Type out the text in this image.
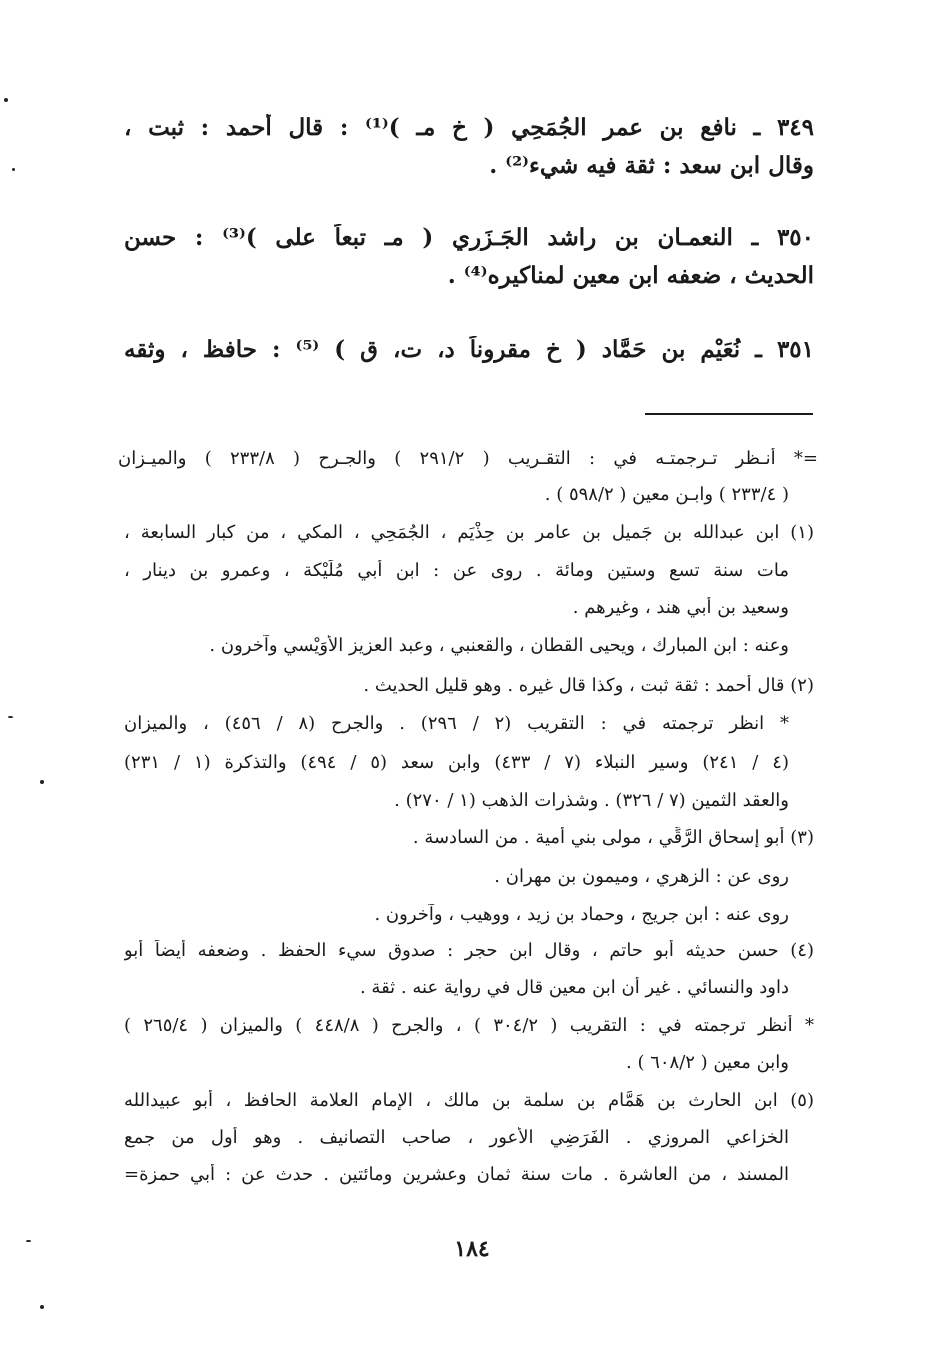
٣٤٩ ـ نافع بن عمر الجُمَحِي ( خ مـ )⁽¹⁾ : قال أحمد : ثبت ،
وقال ابن سعد : ثقة فيه شيء⁽²⁾ .
٣٥٠ ـ النعمـان بن راشد الجَـزَرِي ( مـ تبعاً على )⁽³⁾ : حسن
الحديث ، ضعفه ابن معين لمناكيره⁽⁴⁾ .
٣٥١ ـ نُعَيْم بن حَمَّاد ( خ مقروناً د، ت، ق ) ⁽⁵⁾ : حافظ ، وثقه
=* أنـظر تـرجمتـه في : التقـريب ( ٢٩١/٢ ) والجـرح ( ٢٣٣/٨ ) والميـزان
( ٢٣٣/٤ ) وابـن معين ( ٥٩٨/٢ ) .
(١) ابن عبدالله بن جَميل بن عامر بن حِذْيَم ، الجُمَحِي ، المكي ، من كبار السابعة ،
مات سنة تسع وستين ومائة . روى عن : ابن أبي مُلَيْكة ، وعمرو بن دينار ،
وسعيد بن أبي هند ، وغيرهم .
وعنه : ابن المبارك ، ويحيى القطان ، والقعنبي ، وعبد العزيز الأُوَيْسي وآخرون .
(٢) قال أحمد : ثقة ثبت ، وكذا قال غيره . وهو قليل الحديث .
* انظر ترجمته في : التقريب (٢ / ٢٩٦) . والجرح (٨ / ٤٥٦) ، والميزان
(٤ / ٢٤١) وسير النبلاء (٧ / ٤٣٣) وابن سعد (٥ / ٤٩٤) والتذكرة (١ / ٢٣١)
والعقد الثمين (٧ / ٣٢٦) . وشذرات الذهب (١ / ٢٧٠) .
(٣) أبو إسحاق الرَّقِّي ، مولى بني أمية . من السادسة .
روى عن : الزهري ، وميمون بن مهران .
روى عنه : ابن جريج ، وحماد بن زيد ، ووهيب ، وآخرون .
(٤) حسن حديثه أبو حاتم ، وقال ابن حجر : صدوق سيء الحفظ . وضعفه أيضاً أبو
داود والنسائي . غير أن ابن معين قال في رواية عنه . ثقة .
* أنظر ترجمته في : التقريب ( ٣٠٤/٢ ) ، والجرح ( ٤٤٨/٨ ) والميزان ( ٢٦٥/٤ )
وابن معين ( ٦٠٨/٢ ) .
(٥) ابن الحارث بن هَمَّام بن سلمة بن مالك ، الإمام العلامة الحافظ ، أبو عبيدالله
الخزاعي المروزي . الفَرَضِي الأعور ، صاحب التصانيف . وهو أول من جمع
المسند ، من العاشرة . مات سنة ثمان وعشرين ومائتين . حدث عن : أبي حمزة=
١٨٤
